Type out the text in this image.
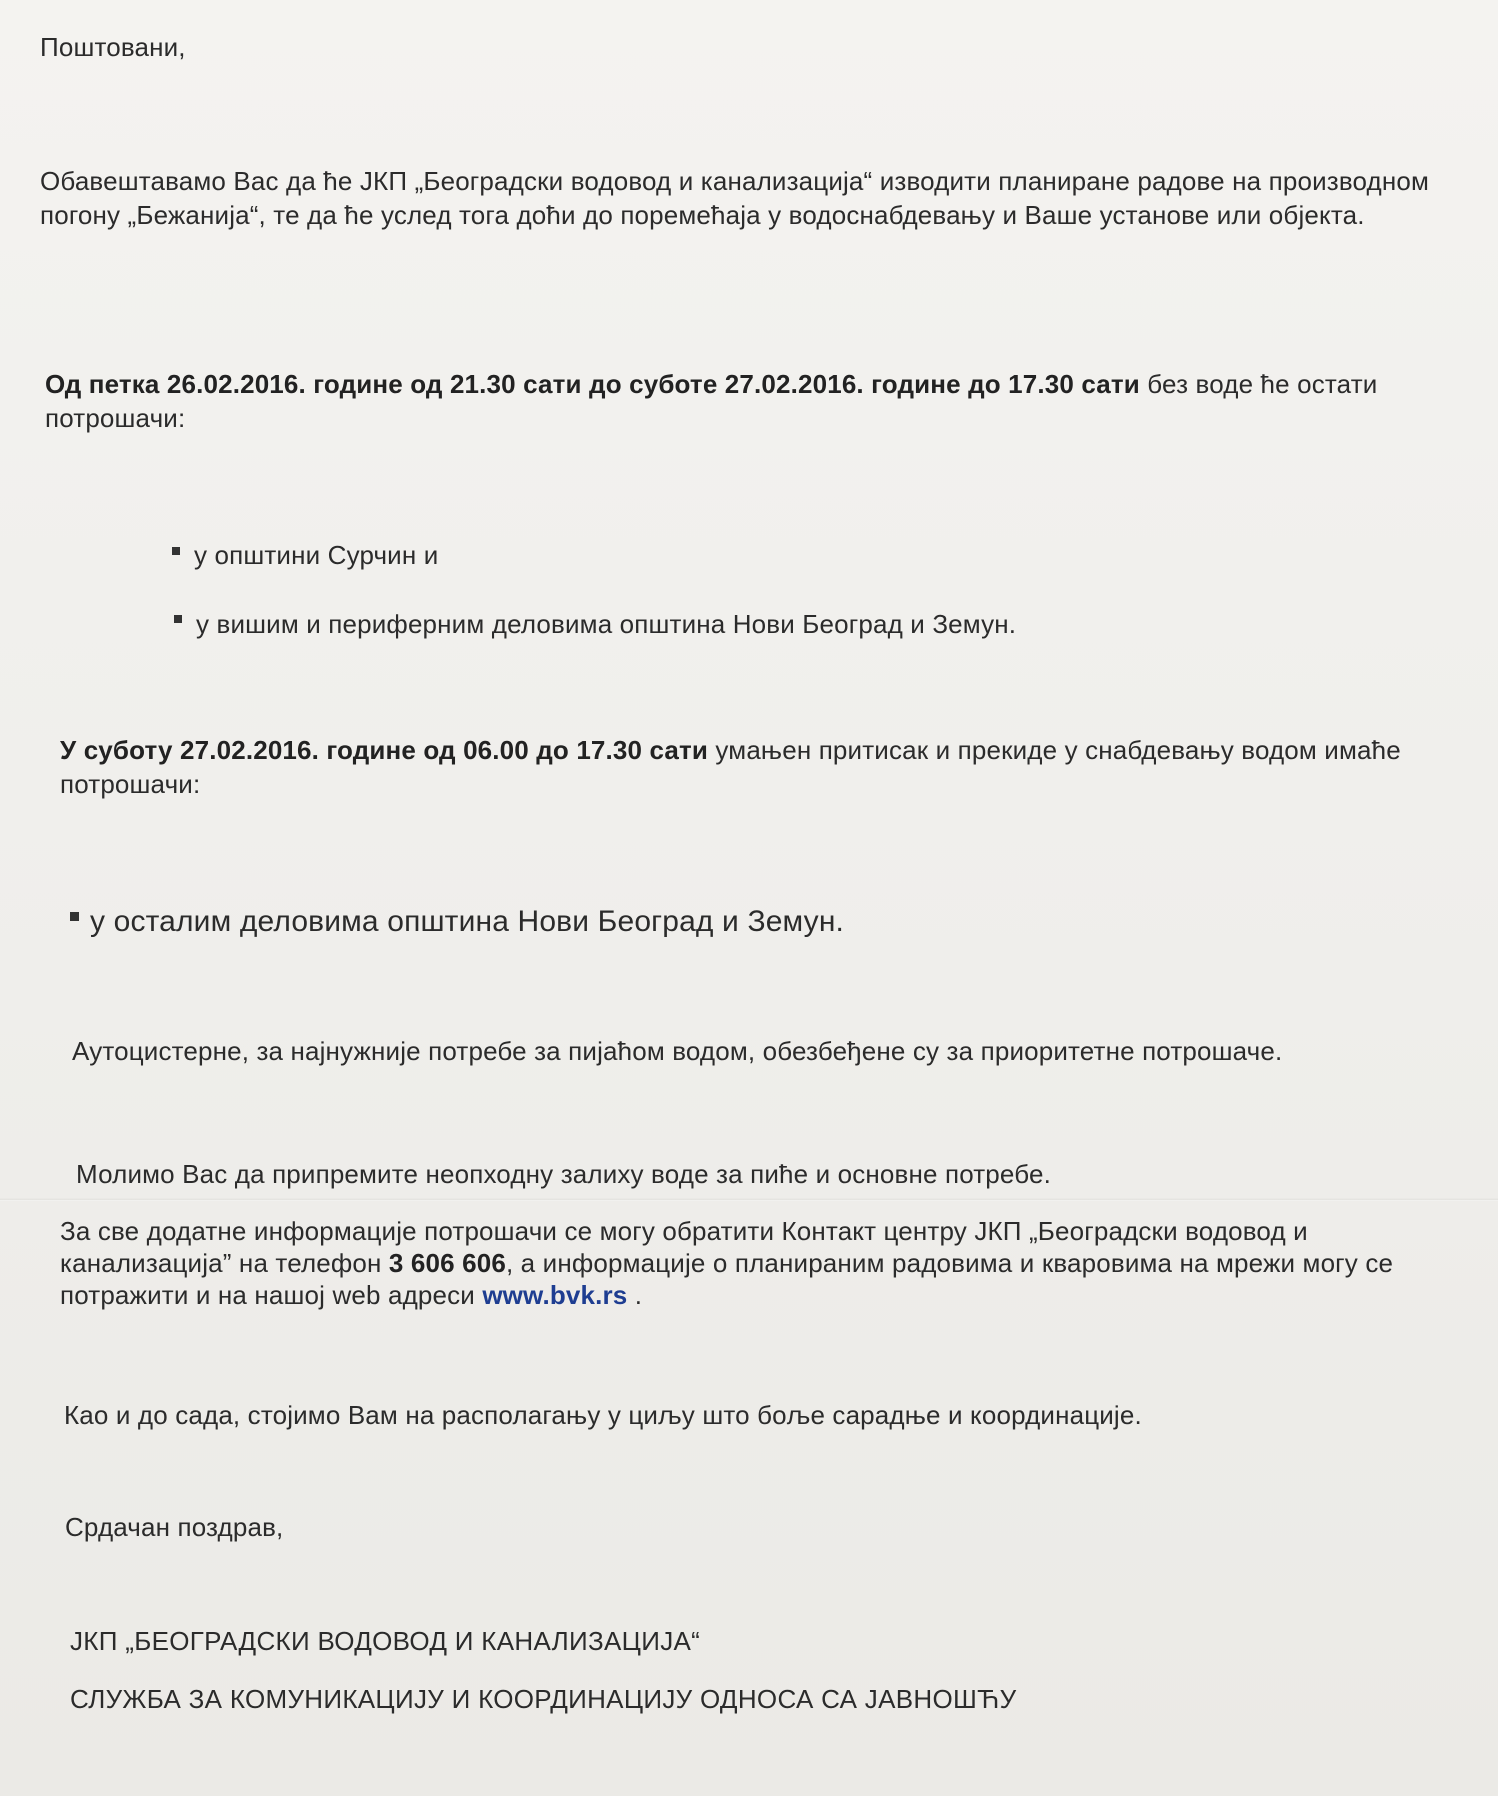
Поштовани,

Обавештавамо Вас да ће ЈКП „Београдски водовод и канализација“ изводити планиране радове на производном погону „Бежанија“, те да ће услед тога доћи до поремећаја у водоснабдевању и Ваше установе или објекта.

Од петка 26.02.2016. године од 21.30 сати до суботе 27.02.2016. године до 17.30 сати без воде ће остати потрошачи:

у општини Сурчин и

у вишим и периферним деловима општина Нови Београд и Земун.

У суботу 27.02.2016. године од 06.00 до 17.30 сати умањен притисак и прекиде у снабдевању водом имаће потрошачи:

у осталим деловима општина Нови Београд и Земун.

Аутоцистерне, за најнужније потребе за пијаћом водом, обезбеђене су за приоритетне потрошаче.

Молимо Вас да припремите неопходну залиху воде за пиће и основне потребе.

За све додатне информације потрошачи се могу обратити Контакт центру ЈКП „Београдски водовод и канализација” на телефон 3 606 606, а информације о планираним радовима и кваровима на мрежи могу се потражити и на нашој web адреси www.bvk.rs .

Као и до сада, стојимо Вам на располагању у циљу што боље сарадње и координације.

Срдачан поздрав,

ЈКП „БЕОГРАДСКИ ВОДОВОД И КАНАЛИЗАЦИЈА“

СЛУЖБА ЗА КОМУНИКАЦИЈУ И КООРДИНАЦИЈУ ОДНОСА СА ЈАВНОШЋУ
